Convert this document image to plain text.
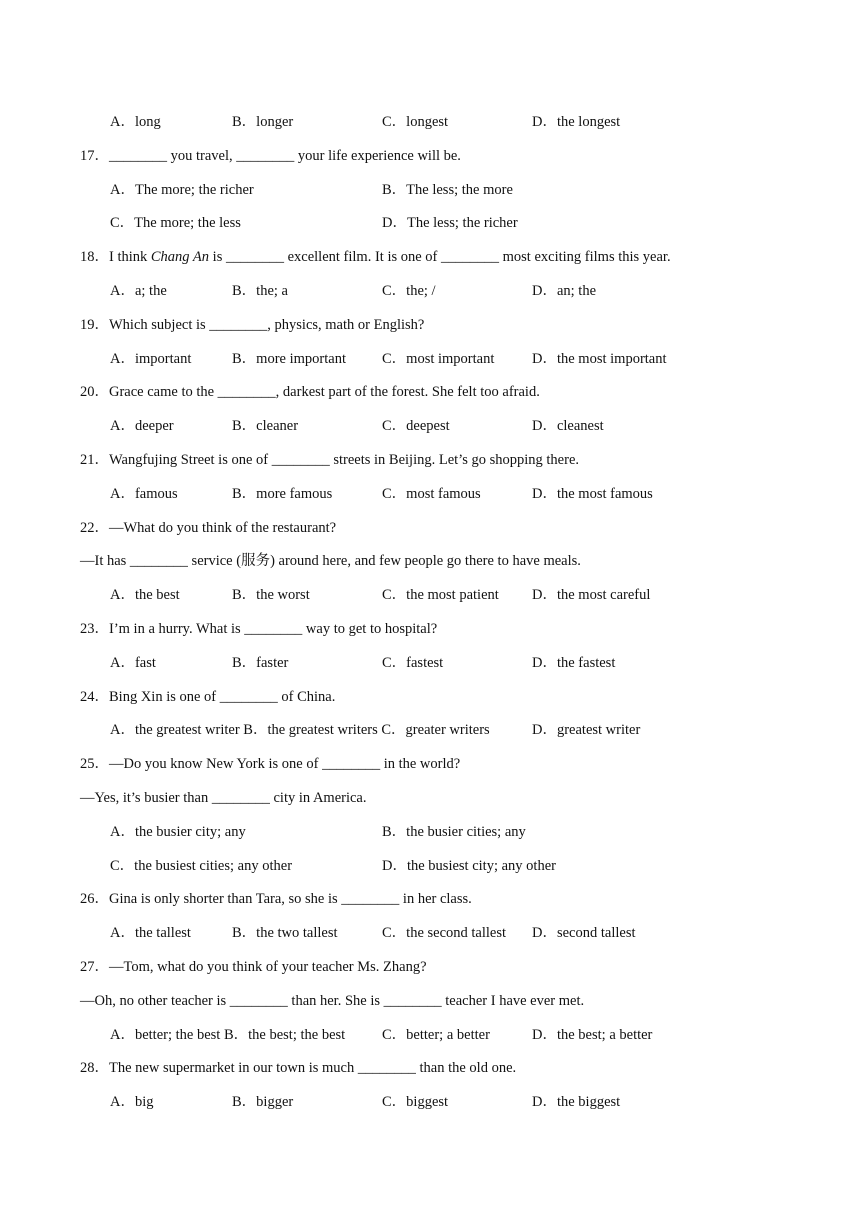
A．long	B．longer	C．longest	D．the longest
17．________ you travel, ________ your life experience will be.
A．The more; the richer	B．The less; the more
C．The more; the less	D．The less; the richer
18．I think Chang An is ________ excellent film. It is one of ________ most exciting films this year.
A．a; the	B．the; a	C．the; /	D．an; the
19．Which subject is ________, physics, math or English?
A．important	B．more important C．most important	D．the most important
20．Grace came to the ________, darkest part of the forest. She felt too afraid.
A．deeper	B．cleaner	C．deepest	D．cleanest
21．Wangfujing Street is one of ________ streets in Beijing. Let’s go shopping there.
A．famous	B．more famous	C．most famous	D．the most famous
22．—What do you think of the restaurant?
—It has ________ service (服务) around here, and few people go there to have meals.
A．the best	B．the worst	C．the most patient D．the most careful
23．I’m in a hurry. What is ________ way to get to hospital?
A．fast	B．faster	C．fastest	D．the fastest
24．Bing Xin is one of ________ of China.
A．the greatest writer B．the greatest writers C．greater writers	D．greatest writer
25．—Do you know New York is one of ________ in the world?
—Yes, it’s busier than ________ city in America.
A．the busier city; any	B．the busier cities; any
C．the busiest cities; any other	D．the busiest city; any other
26．Gina is only shorter than Tara, so she is ________ in her class.
A．the tallest	B．the two tallest	C．the second tallest D．second tallest
27．—Tom, what do you think of your teacher Ms. Zhang?
—Oh, no other teacher is ________ than her. She is ________ teacher I have ever met.
A．better; the best B．the best; the best	C．better; a better	D．the best; a better
28．The new supermarket in our town is much ________ than the old one.
A．big	B．bigger	C．biggest	D．the biggest
